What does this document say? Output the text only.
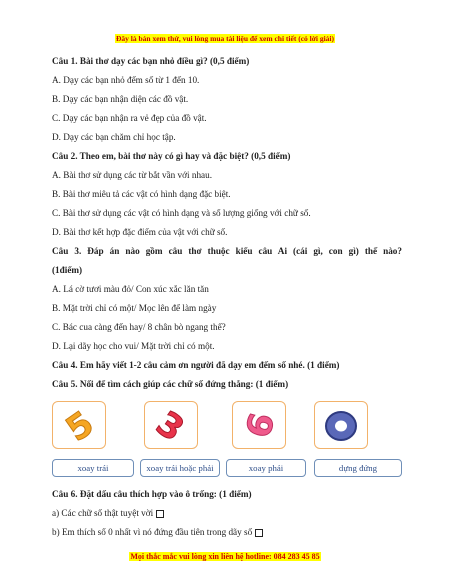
Đây là bản xem thử, vui lòng mua tài liệu để xem chi tiết (có lời giải)

Câu 1. Bài thơ dạy các bạn nhỏ điều gì? (0,5 điểm)

A. Dạy các bạn nhỏ đếm số từ 1 đến 10.

B. Dạy các bạn nhận diện các đồ vật.

C. Dạy các bạn nhận ra vẻ đẹp của đồ vật.

D. Dạy các bạn chăm chỉ học tập.

Câu 2. Theo em, bài thơ này có gì hay và đặc biệt? (0,5 điểm)

A. Bài thơ sử dụng các từ bắt vần với nhau.

B. Bài thơ miêu tả các vật có hình dạng đặc biệt.

C. Bài thơ sử dụng các vật có hình dạng và số lượng giống với chữ số.

D. Bài thơ kết hợp đặc điểm của vật với chữ số.

Câu 3. Đáp án nào gồm câu thơ thuộc kiểu câu Ai (cái gì, con gì) thế nào?
(1điểm)

A. Lá cờ tươi màu đỏ/ Con xúc xắc lăn tăn

B. Mặt trời chỉ có một/ Mọc lên để làm ngày

C. Bác cua càng đến hay/ 8 chân bò ngang thế?

D. Lại dãy học cho vui/ Mặt trời chỉ có một.

Câu 4. Em hãy viết 1-2 câu cảm ơn người đã dạy em đếm số nhé. (1 điểm)

Câu 5. Nối để tìm cách giúp các chữ số đứng thẳng: (1 điểm)

5 3 6
xoay trái	xoay trái hoặc phải	xoay phải	dựng đứng

Câu 6. Đặt dấu câu thích hợp vào ô trống: (1 điểm)

a) Các chữ số thật tuyệt vời

b) Em thích số 0 nhất vì nó đứng đầu tiên trong dãy số

Mọi thắc mắc vui lòng xin liên hệ hotline: 084 283 45 85
